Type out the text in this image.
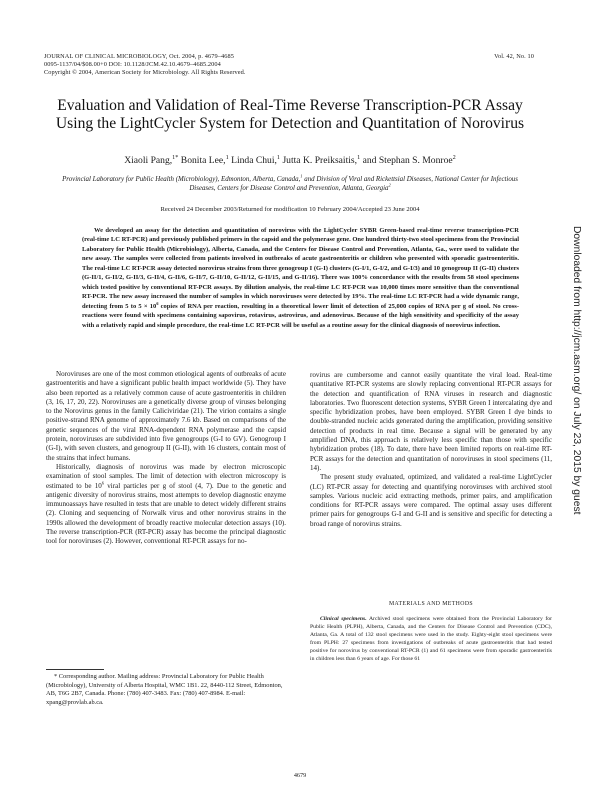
JOURNAL OF CLINICAL MICROBIOLOGY, Oct. 2004, p. 4679–4685
0095-1137/04/$08.00+0 DOI: 10.1128/JCM.42.10.4679–4685.2004
Copyright © 2004, American Society for Microbiology. All Rights Reserved.
Vol. 42, No. 10
Evaluation and Validation of Real-Time Reverse Transcription-PCR Assay Using the LightCycler System for Detection and Quantitation of Norovirus
Xiaoli Pang,$^{1*}$ Bonita Lee,$^1$ Linda Chui,$^1$ Jutta K. Preiksaitis,$^1$ and Stephan S. Monroe$^2$
Provincial Laboratory for Public Health (Microbiology), Edmonton, Alberta, Canada,$^1$ and Division of Viral and Rickettsial Diseases, National Center for Infectious Diseases, Centers for Disease Control and Prevention, Atlanta, Georgia$^2$
Received 24 December 2003/Returned for modification 10 February 2004/Accepted 23 June 2004
We developed an assay for the detection and quantitation of norovirus with the LightCycler SYBR Green-based real-time reverse transcription-PCR (real-time LC RT-PCR) and previously published primers in the capsid and the polymerase gene. One hundred thirty-two stool specimens from the Provincial Laboratory for Public Health (Microbiology), Alberta, Canada, and the Centers for Disease Control and Prevention, Atlanta, Ga., were used to validate the new assay. The samples were collected from patients involved in outbreaks of acute gastroenteritis or children who presented with sporadic gastroenteritis. The real-time LC RT-PCR assay detected norovirus strains from three genogroup I (G-I) clusters (G-I/1, G-I/2, and G-I/3) and 10 genogroup II (G-II) clusters (G-II/1, G-II/2, G-II/3, G-II/4, G-II/6, G-II/7, G-II/10, G-II/12, G-II/15, and G-II/16). There was 100% concordance with the results from 58 stool specimens which tested positive by conventional RT-PCR assays. By dilution analysis, the real-time LC RT-PCR was 10,000 times more sensitive than the conventional RT-PCR. The new assay increased the number of samples in which noroviruses were detected by 19%. The real-time LC RT-PCR had a wide dynamic range, detecting from 5 to $5 \times 10^6$ copies of RNA per reaction, resulting in a theoretical lower limit of detection of 25,000 copies of RNA per g of stool. No cross-reactions were found with specimens containing sapovirus, rotavirus, astrovirus, and adenovirus. Because of the high sensitivity and specificity of the assay with a relatively rapid and simple procedure, the real-time LC RT-PCR will be useful as a routine assay for the clinical diagnosis of norovirus infection.

Noroviruses are one of the most common etiological agents of outbreaks of acute gastroenteritis and have a significant public health impact worldwide (5). They have also been reported as a relatively common cause of acute gastroenteritis in children (3, 16, 17, 20, 22). Noroviruses are a genetically diverse group of viruses belonging to the Norovirus genus in the family Caliciviridae (21). The virion contains a single positive-strand RNA genome of approximately 7.6 kb. Based on comparisons of the genetic sequences of the viral RNA-dependent RNA polymerase and the capsid protein, noroviruses are subdivided into five genogroups (G-I to GV). Genogroup I (G-I), with seven clusters, and genogroup II (G-II), with 16 clusters, contain most of the strains that infect humans.

Historically, diagnosis of norovirus was made by electron microscopic examination of stool samples. The limit of detection with electron microscopy is estimated to be $10^6$ viral particles per g of stool (4, 7). Due to the genetic and antigenic diversity of norovirus strains, most attempts to develop diagnostic enzyme immunoassays have resulted in tests that are unable to detect widely different strains (2). Cloning and sequencing of Norwalk virus and other norovirus strains in the 1990s allowed the development of broadly reactive molecular detection assays (10). The reverse transcription-PCR (RT-PCR) assay has become the principal diagnostic tool for noroviruses (2). However, conventional RT-PCR assays for no-

rovirus are cumbersome and cannot easily quantitate the viral load. Real-time quantitative RT-PCR systems are slowly replacing conventional RT-PCR assays for the detection and quantification of RNA viruses in research and diagnostic laboratories. Two fluorescent detection systems, SYBR Green I intercalating dye and specific hybridization probes, have been employed. SYBR Green I dye binds to double-stranded nucleic acids generated during the amplification, providing sensitive detection of products in real time. Because a signal will be generated by any amplified DNA, this approach is relatively less specific than those with specific hybridization probes (18). To date, there have been limited reports on real-time RT-PCR assays for the detection and quantitation of noroviruses in stool specimens (11, 14).

The present study evaluated, optimized, and validated a real-time LightCycler (LC) RT-PCR assay for detecting and quantifying noroviruses with archived stool samples. Various nucleic acid extracting methods, primer pairs, and amplification conditions for RT-PCR assays were compared. The optimal assay uses different primer pairs for genogroups G-I and G-II and is sensitive and specific for detecting a broad range of norovirus strains.

MATERIALS AND METHODS
Clinical specimens. Archived stool specimens were obtained from the Provincial Laboratory for Public Health (PLPH), Alberta, Canada, and the Centers for Disease Control and Prevention (CDC), Atlanta, Ga. A total of 132 stool specimens were used in the study. Eighty-eight stool specimens were from PLPH: 27 specimens from investigations of outbreaks of acute gastroenteritis that had tested positive for norovirus by conventional RT-PCR (1) and 61 specimens were from sporadic gastroenteritis in children less than 6 years of age. For those 61
* Corresponding author. Mailing address: Provincial Laboratory for Public Health (Microbiology), University of Alberta Hospital, WMC 1B1. 22, 8440-112 Street, Edmonton, AB, T6G 2B7, Canada. Phone: (780) 407-3483. Fax: (780) 407-8984. E-mail: xpang@provlab.ab.ca.
4679
Downloaded from http://jcm.asm.org/ on July 23, 2015 by guest
